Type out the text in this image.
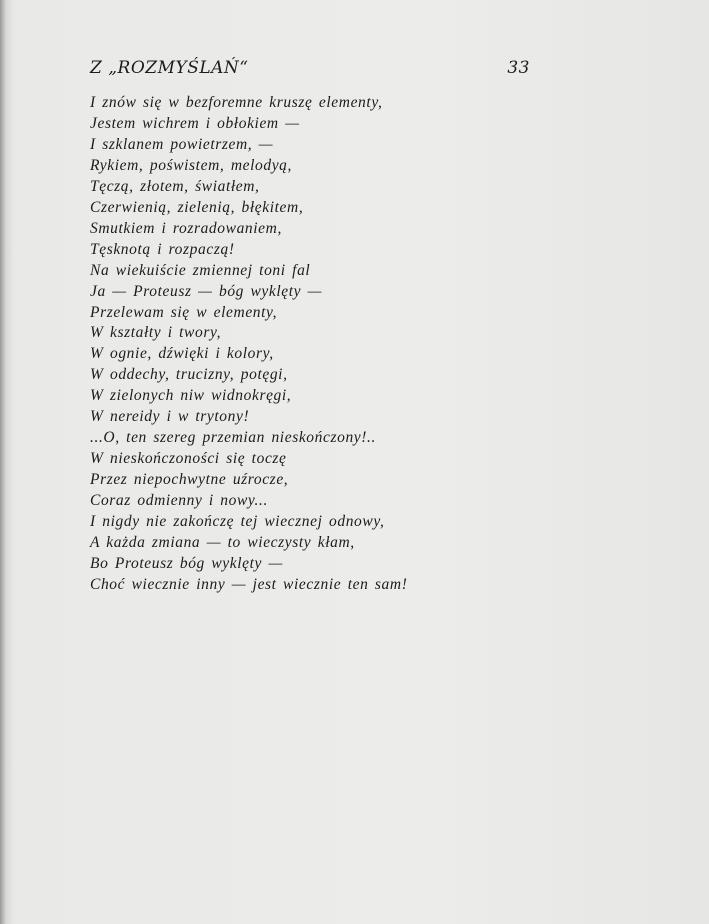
Z „ROZMYŚLAŃ“	33
I znów się w bezforemne kruszę elementy,
Jestem wichrem i obłokiem —
I szklanem powietrzem, —
Rykiem, poświstem, melodyą,
Tęczą, złotem, światłem,
Czerwienią, zielenią, błękitem,
Smutkiem i rozradowaniem,
Tęsknotą i rozpaczą!
Na wiekuiście zmiennej toni fal
Ja — Proteusz — bóg wyklęty —
Przelewam się w elementy,
W kształty i twory,
W ognie, dźwięki i kolory,
W oddechy, trucizny, potęgi,
W zielonych niw widnokręgi,
W nereidy i w trytony!
...O, ten szereg przemian nieskończony!..
W nieskończoności się toczę
Przez niepochwytne uźrocze,
Coraz odmienny i nowy...
I nigdy nie zakończę tej wiecznej odnowy,
A każda zmiana — to wieczysty kłam,
Bo Proteusz bóg wyklęty —
Choć wiecznie inny — jest wiecznie ten sam!
